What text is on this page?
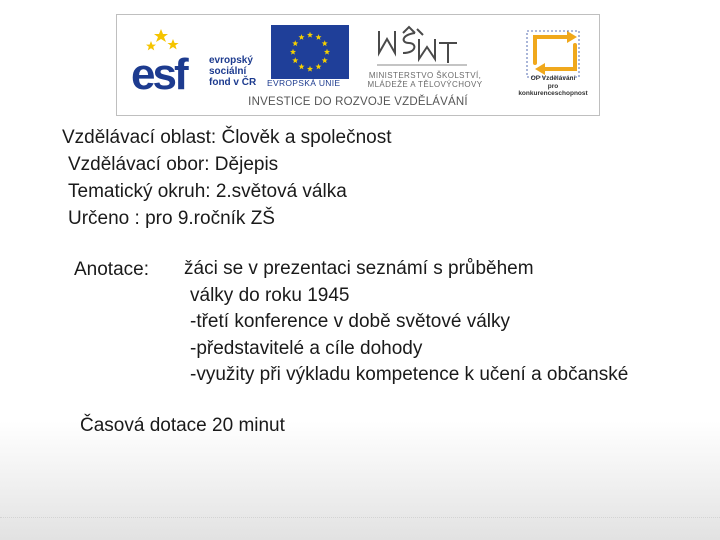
esf	evropský
sociální
fond v ČR EVROPSKÁ UNIE
MINISTERSTVO ŠKOLSTVÍ,
MLÁDEŽE A TĚLOVÝCHOVY
OP Vzdělávání
pro konkurenceschopnost
INVESTICE DO ROZVOJE VZDĚLÁVÁNÍ
Vzdělávací oblast: Člověk a společnost
Vzdělávací obor: Dějepis
Tematický okruh: 2.světová válka
Určeno : pro 9.ročník ZŠ
Anotace: žáci se v prezentaci seznámí s průběhem
války do roku 1945
-třetí konference v době světové války
-představitelé a cíle dohody
-využity při výkladu kompetence k učení a občanské
Časová dotace 20 minut
